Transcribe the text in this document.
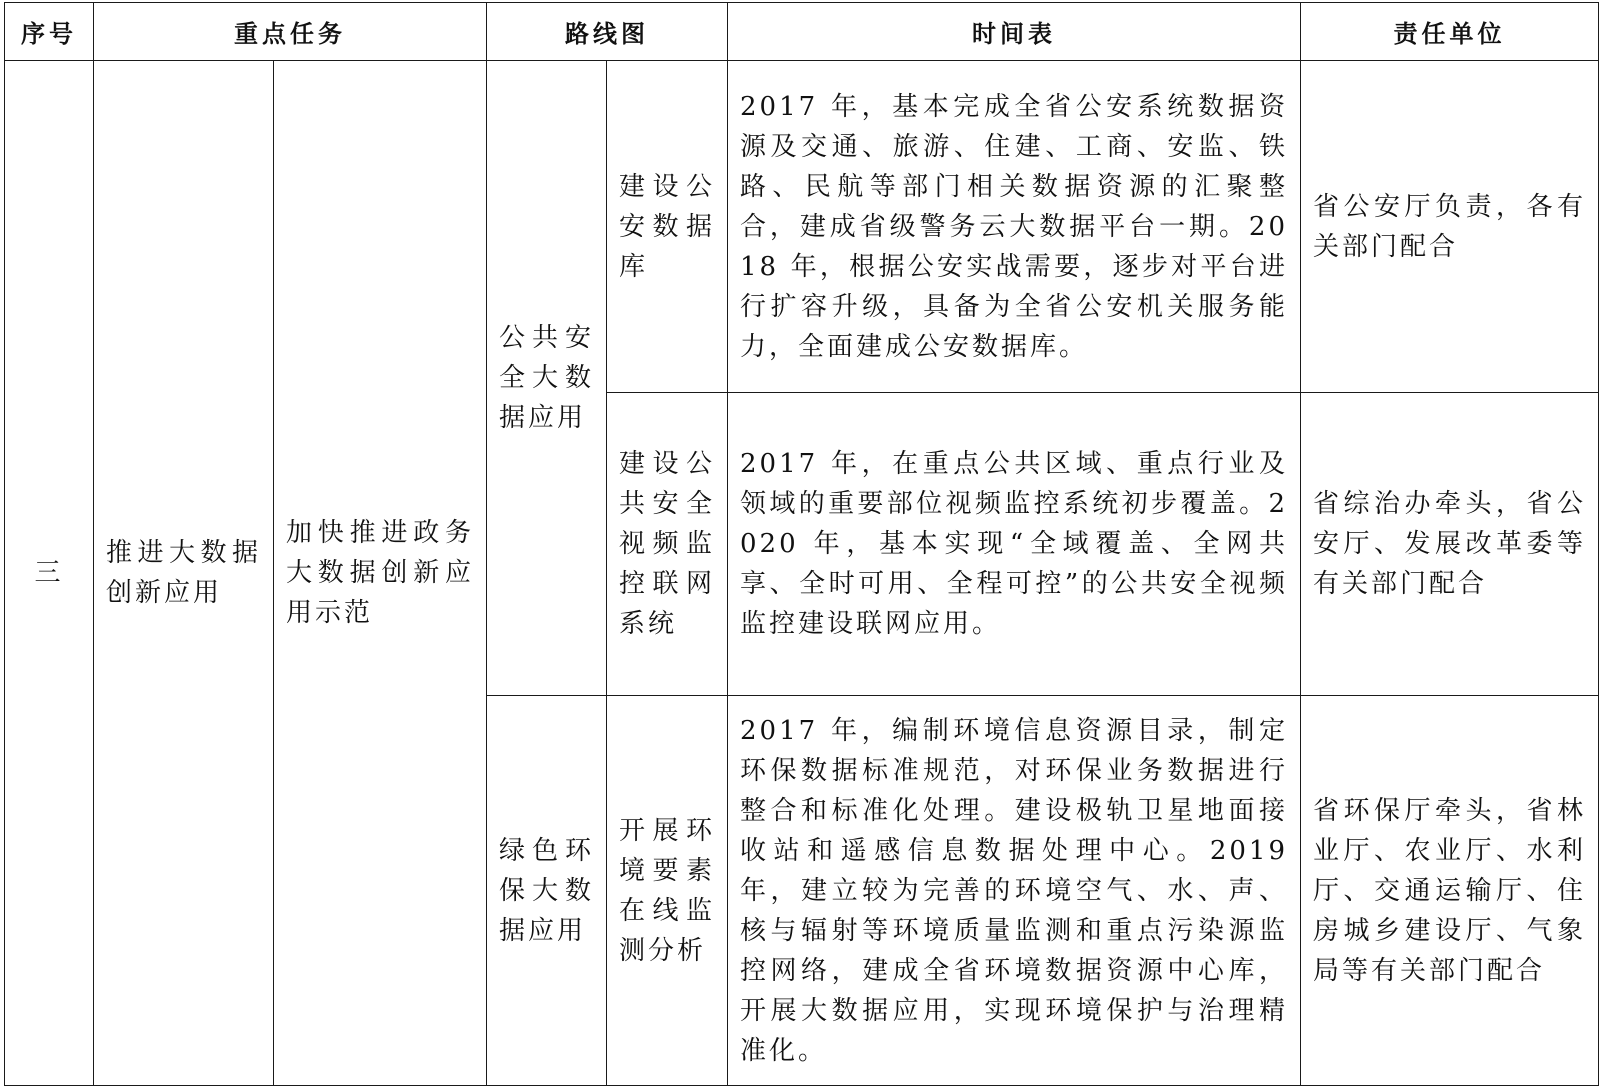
序号	重点任务		路线图		时间表	责任单位
三	推进大数据创新应用	加快推进政务大数据创新应用示范	公共安全大数据应用	建设公安数据库	2017 年，基本完成全省公安系统数据资源及交通、旅游、住建、工商、安监、铁路、民航等部门相关数据资源的汇聚整合，建成省级警务云大数据平台一期。2018 年，根据公安实战需要，逐步对平台进行扩容升级，具备为全省公安机关服务能力，全面建成公安数据库。	省公安厅负责，各有关部门配合
				建设公共安全视频监控联网系统	2017 年，在重点公共区域、重点行业及领域的重要部位视频监控系统初步覆盖。2020 年，基本实现“全域覆盖、全网共享、全时可用、全程可控”的公共安全视频监控建设联网应用。	省综治办牵头，省公安厅、发展改革委等有关部门配合
			绿色环保大数据应用	开展环境要素在线监测分析	2017 年，编制环境信息资源目录，制定环保数据标准规范，对环保业务数据进行整合和标准化处理。建设极轨卫星地面接收站和遥感信息数据处理中心。2019 年，建立较为完善的环境空气、水、声、核与辐射等环境质量监测和重点污染源监控网络，建成全省环境数据资源中心库，开展大数据应用，实现环境保护与治理精准化。	省环保厅牵头，省林业厅、农业厅、水利厅、交通运输厅、住房城乡建设厅、气象局等有关部门配合
